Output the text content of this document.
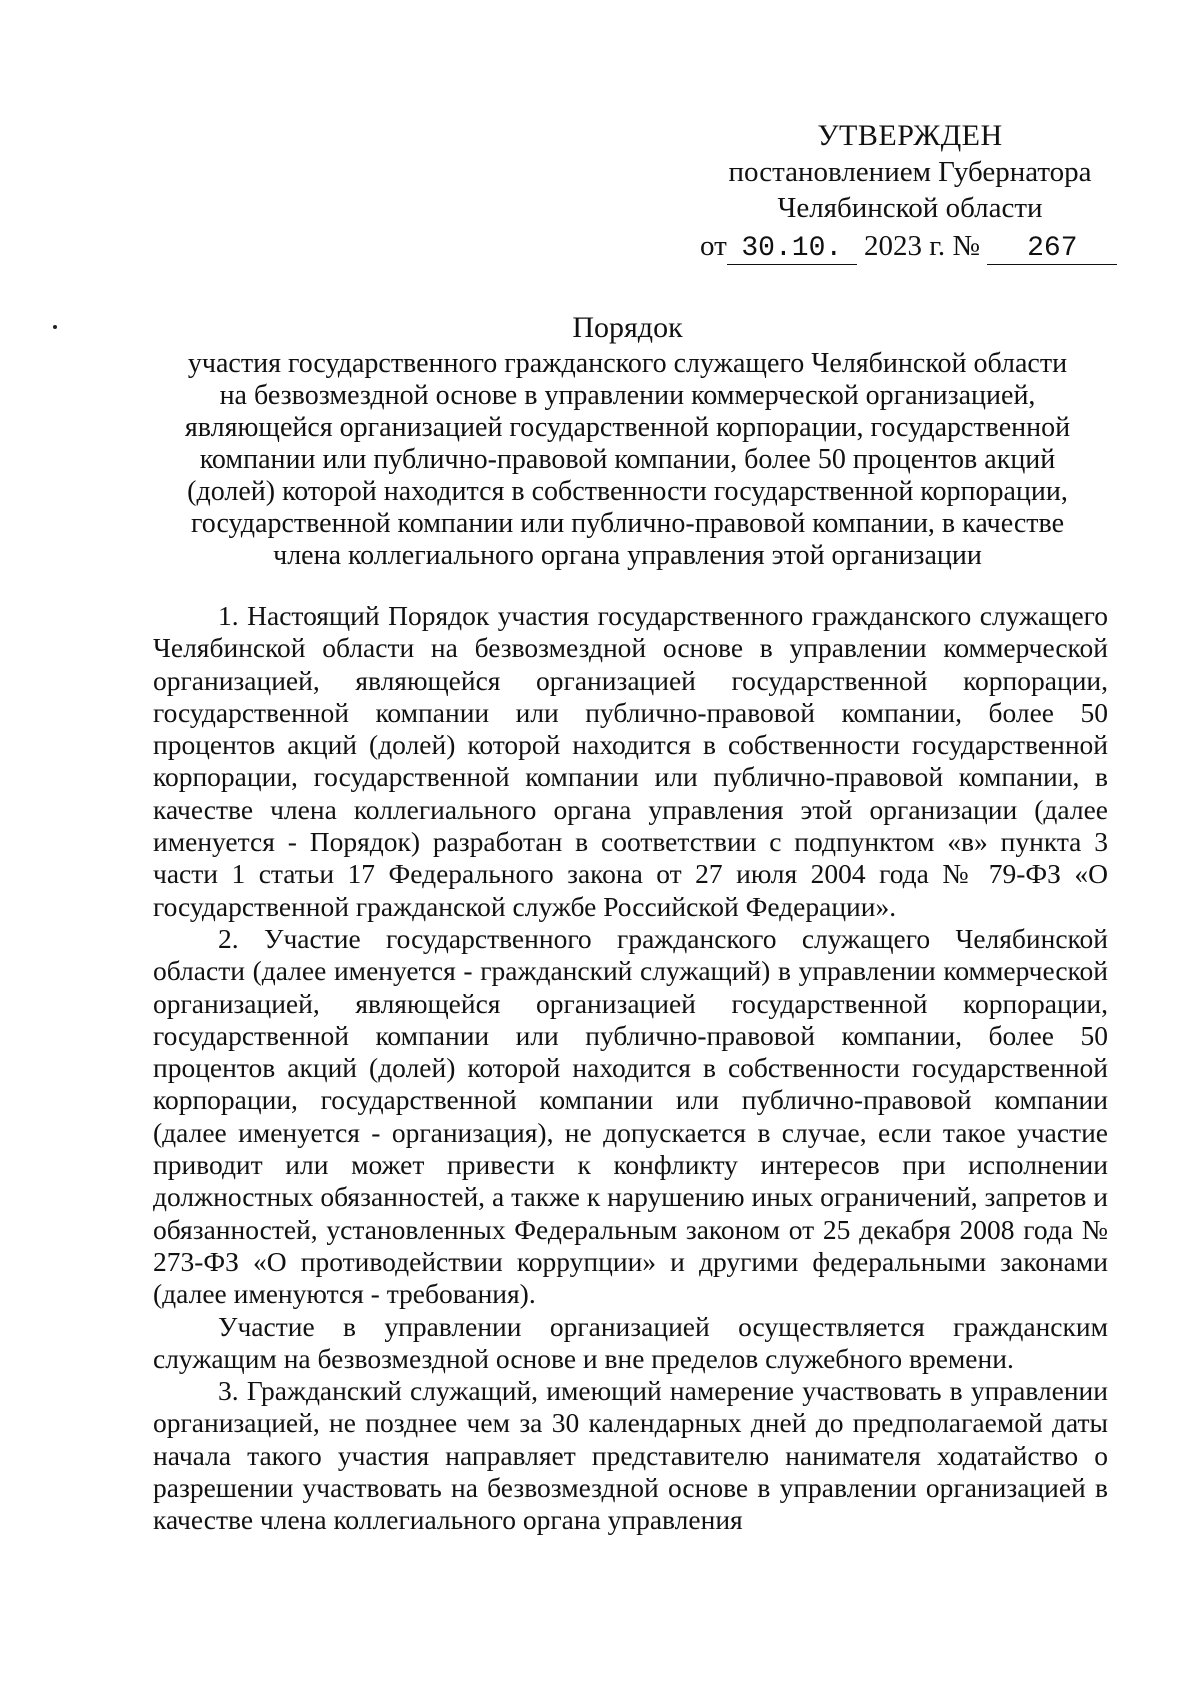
УТВЕРЖДЕН
постановлением Губернатора
Челябинской области
от 30.10. 2023 г. № 267
Порядок
участия государственного гражданского служащего Челябинской области
на безвозмездной основе в управлении коммерческой организацией,
являющейся организацией государственной корпорации, государственной
компании или публично-правовой компании, более 50 процентов акций
(долей) которой находится в собственности государственной корпорации,
государственной компании или публично-правовой компании, в качестве
члена коллегиального органа управления этой организации

1. Настоящий Порядок участия государственного гражданского служащего Челябинской области на безвозмездной основе в управлении коммерческой организацией, являющейся организацией государственной корпорации, государственной компании или публично-правовой компании, более 50 процентов акций (долей) которой находится в собственности государственной корпорации, государственной компании или публично-правовой компании, в качестве члена коллегиального органа управления этой организации (далее именуется - Порядок) разработан в соответствии с подпунктом «в» пункта 3 части 1 статьи 17 Федерального закона от 27 июля 2004 года № 79-ФЗ «О государственной гражданской службе Российской Федерации».

2. Участие государственного гражданского служащего Челябинской области (далее именуется - гражданский служащий) в управлении коммерческой организацией, являющейся организацией государственной корпорации, государственной компании или публично-правовой компании, более 50 процентов акций (долей) которой находится в собственности государственной корпорации, государственной компании или публично-правовой компании (далее именуется - организация), не допускается в случае, если такое участие приводит или может привести к конфликту интересов при исполнении должностных обязанностей, а также к нарушению иных ограничений, запретов и обязанностей, установленных Федеральным законом от 25 декабря 2008 года № 273-ФЗ «О противодействии коррупции» и другими федеральными законами (далее именуются - требования).

Участие в управлении организацией осуществляется гражданским служащим на безвозмездной основе и вне пределов служебного времени.

3. Гражданский служащий, имеющий намерение участвовать в управлении организацией, не позднее чем за 30 календарных дней до предполагаемой даты начала такого участия направляет представителю нанимателя ходатайство о разрешении участвовать на безвозмездной основе в управлении организацией в качестве члена коллегиального органа управления
